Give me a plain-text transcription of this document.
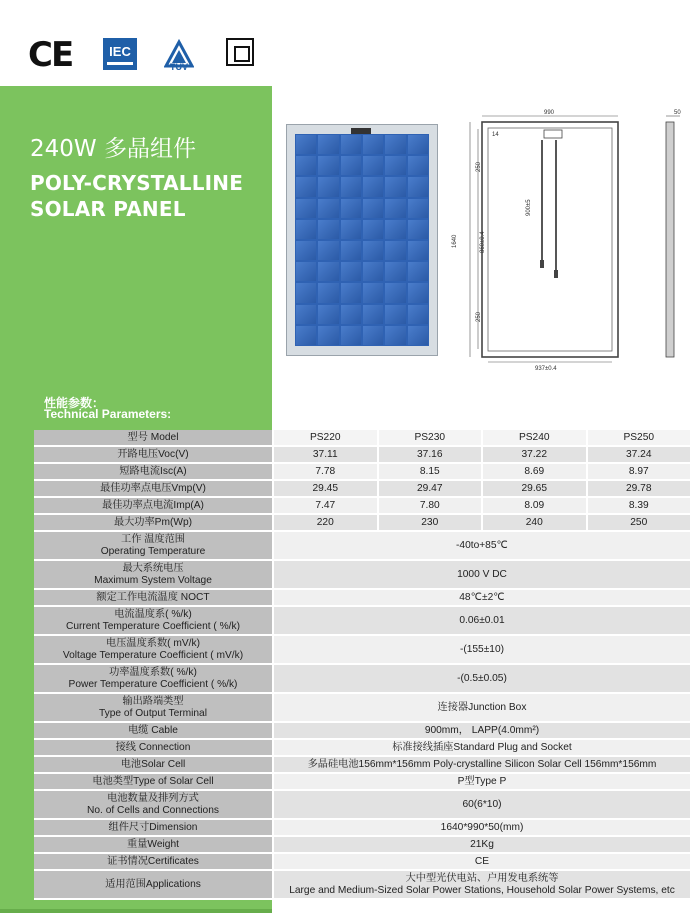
CE	IEC
TÜV
240W 多晶组件
POLY-CRYSTALLINE
SOLAR PANEL
性能参数：
Technical Parameters:
990
900±5
1640
250
860±0.4
250
14
937±0.4
50
型号 Model	PS220	PS230	PS240	PS250
开路电压Voc(V)	37.11	37.16	37.22	37.24
短路电流Isc(A)	7.78	8.15	8.69	8.97
最佳功率点电压Vmp(V)	29.45	29.47	29.65	29.78
最佳功率点电流Imp(A)	7.47	7.80	8.09	8.39
最大功率Pm(Wp)	220	230	240	250

工作 温度范围
Operating Temperature	-40to+85℃			

最大系统电压
Maximum System Voltage	1000 V DC			

额定工作电流温度 NOCT	48℃±2℃			

电流温度系( %/k)
Current Temperature Coefficient ( %/k)	0.06±0.01			

电压温度系数( mV/k)
Voltage Temperature Coefficient ( mV/k)	-(155±10)			

功率温度系数( %/k)
Power Temperature Coefficient ( %/k)	-(0.5±0.05)			

输出路端类型
Type of Output Terminal	连接器Junction Box			

电缆 Cable	900mm， LAPP(4.0mm²)			

接线 Connection	标准接线插座Standard Plug and Socket			

电池Solar Cell	多晶硅电池156mm*156mm Poly-crystalline Silicon Solar Cell 156mm*156mm			

电池类型Type of Solar Cell	P型Type P			

电池数量及排列方式
No. of Cells and Connections	60(6*10)			

组件尺寸Dimension	1640*990*50(mm)			

重量Weight	21Kg			

证书情况Certificates	CE			

适用范围Applications	大中型光伏电站、户用发电系统等
Large and Medium-Sized Solar Power Stations, Household Solar Power Systems, etc			
